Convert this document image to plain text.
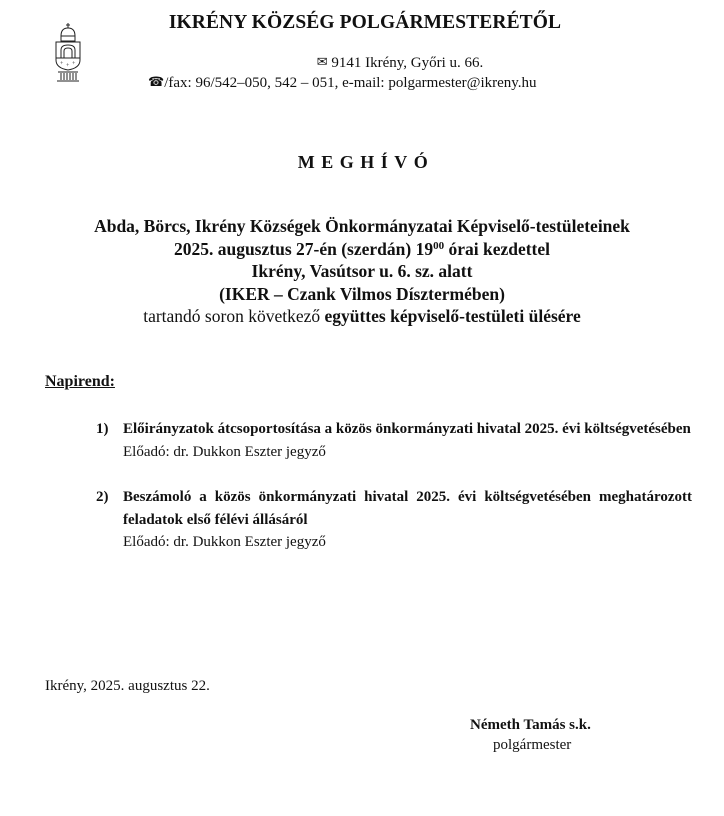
+ + +
IKRÉNY KÖZSÉG POLGÁRMESTERÉTŐL
✉ 9141 Ikrény, Győri u. 66.
☎/fax: 96/542–050, 542 – 051, e-mail: polgarmester@ikreny.hu
MEGHÍVÓ
Abda, Börcs, Ikrény Községek Önkormányzatai Képviselő-testületeinek
2025. augusztus 27-én (szerdán) $19^{00}$ órai kezdettel
Ikrény, Vasútsor u. 6. sz. alatt
(IKER – Czank Vilmos Dísztermében)
tartandó soron következő együttes képviselő-testületi ülésére
Napirend:
1) Előirányzatok átcsoportosítása a közös önkormányzati hivatal 2025. évi költségvetésében
Előadó: dr. Dukkon Eszter jegyző
2) Beszámoló a közös önkormányzati hivatal 2025. évi költségvetésében meghatározott feladatok első félévi állásáról
Előadó: dr. Dukkon Eszter jegyző
Ikrény, 2025. augusztus 22.
Németh Tamás s.k.
polgármester
